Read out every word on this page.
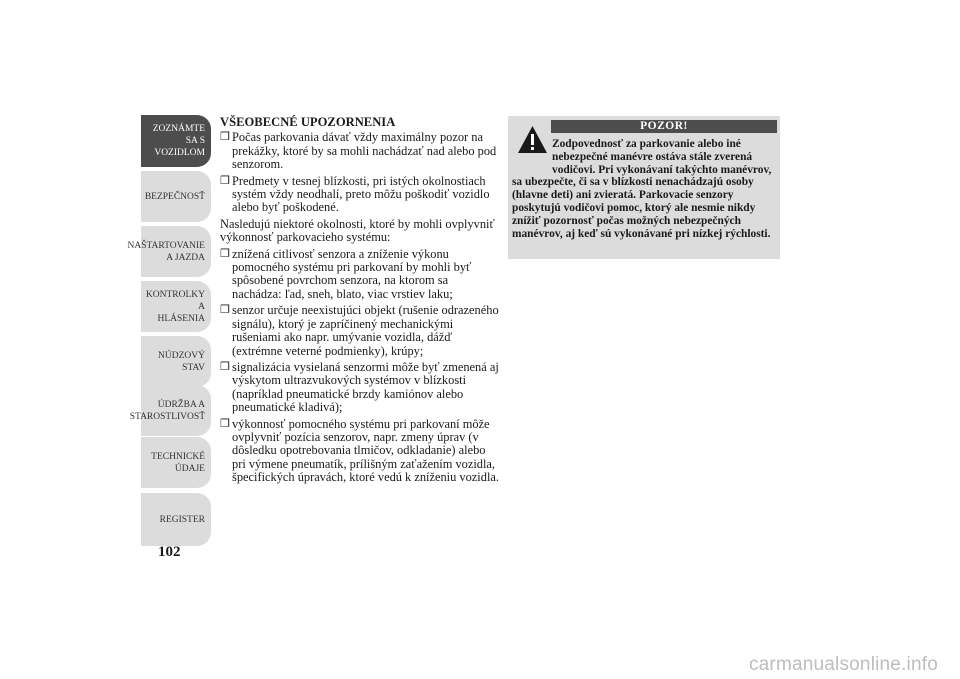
ZOZNÁMTE SA S
VOZIDLOM
BEZPEČNOSŤ
NAŠTARTOVANIE
A JAZDA
KONTROLKY A
HLÁSENIA
NÚDZOVÝ STAV
ÚDRŽBA A
STAROSTLIVOSŤ
TECHNICKÉ
ÚDAJE
REGISTER
102
VŠEOBECNÉ UPOZORNENIA
❒ Počas parkovania dávať vždy maximálny pozor na prekážky, ktoré by sa mohli nachádzať nad alebo pod senzorom.
❒ Predmety v tesnej blízkosti, pri istých okolnostiach systém vždy neodhalí, preto môžu poškodiť vozidlo alebo byť poškodené.
Nasledujú niektoré okolnosti, ktoré by mohli ovplyvniť výkonnosť parkovacieho systému:
❒ znížená citlivosť senzora a zníženie výkonu pomocného systému pri parkovaní by mohli byť spôsobené povrchom senzora, na ktorom sa nachádza: ľad, sneh, blato, viac vrstiev laku;
❒ senzor určuje neexistujúci objekt (rušenie odrazeného signálu), ktorý je zapríčinený mechanickými rušeniami ako napr. umývanie vozidla, dážď (extrémne veterné podmienky), krúpy;
❒ signalizácia vysielaná senzormi môže byť zmenená aj výskytom ultrazvukových systémov v blízkosti (napríklad pneumatické brzdy kamiónov alebo pneumatické kladivá);
❒ výkonnosť pomocného systému pri parkovaní môže ovplyvniť pozícia senzorov, napr. zmeny úprav (v dôsledku opotrebovania tlmičov, odkladanie) alebo pri výmene pneumatík, prílišným zaťažením vozidla, špecifických úpravách, ktoré vedú k zníženiu vozidla.
POZOR!
Zodpovednosť za parkovanie alebo iné nebezpečné manévre ostáva stále zverená vodičovi. Pri vykonávaní takýchto manévrov, sa ubezpečte, či sa v blízkosti nenachádzajú osoby (hlavne deti) ani zvieratá. Parkovacie senzory poskytujú vodičovi pomoc, ktorý ale nesmie nikdy znížiť pozornosť počas možných nebezpečných manévrov, aj keď sú vykonávané pri nízkej rýchlosti.
carmanualsonline.info
